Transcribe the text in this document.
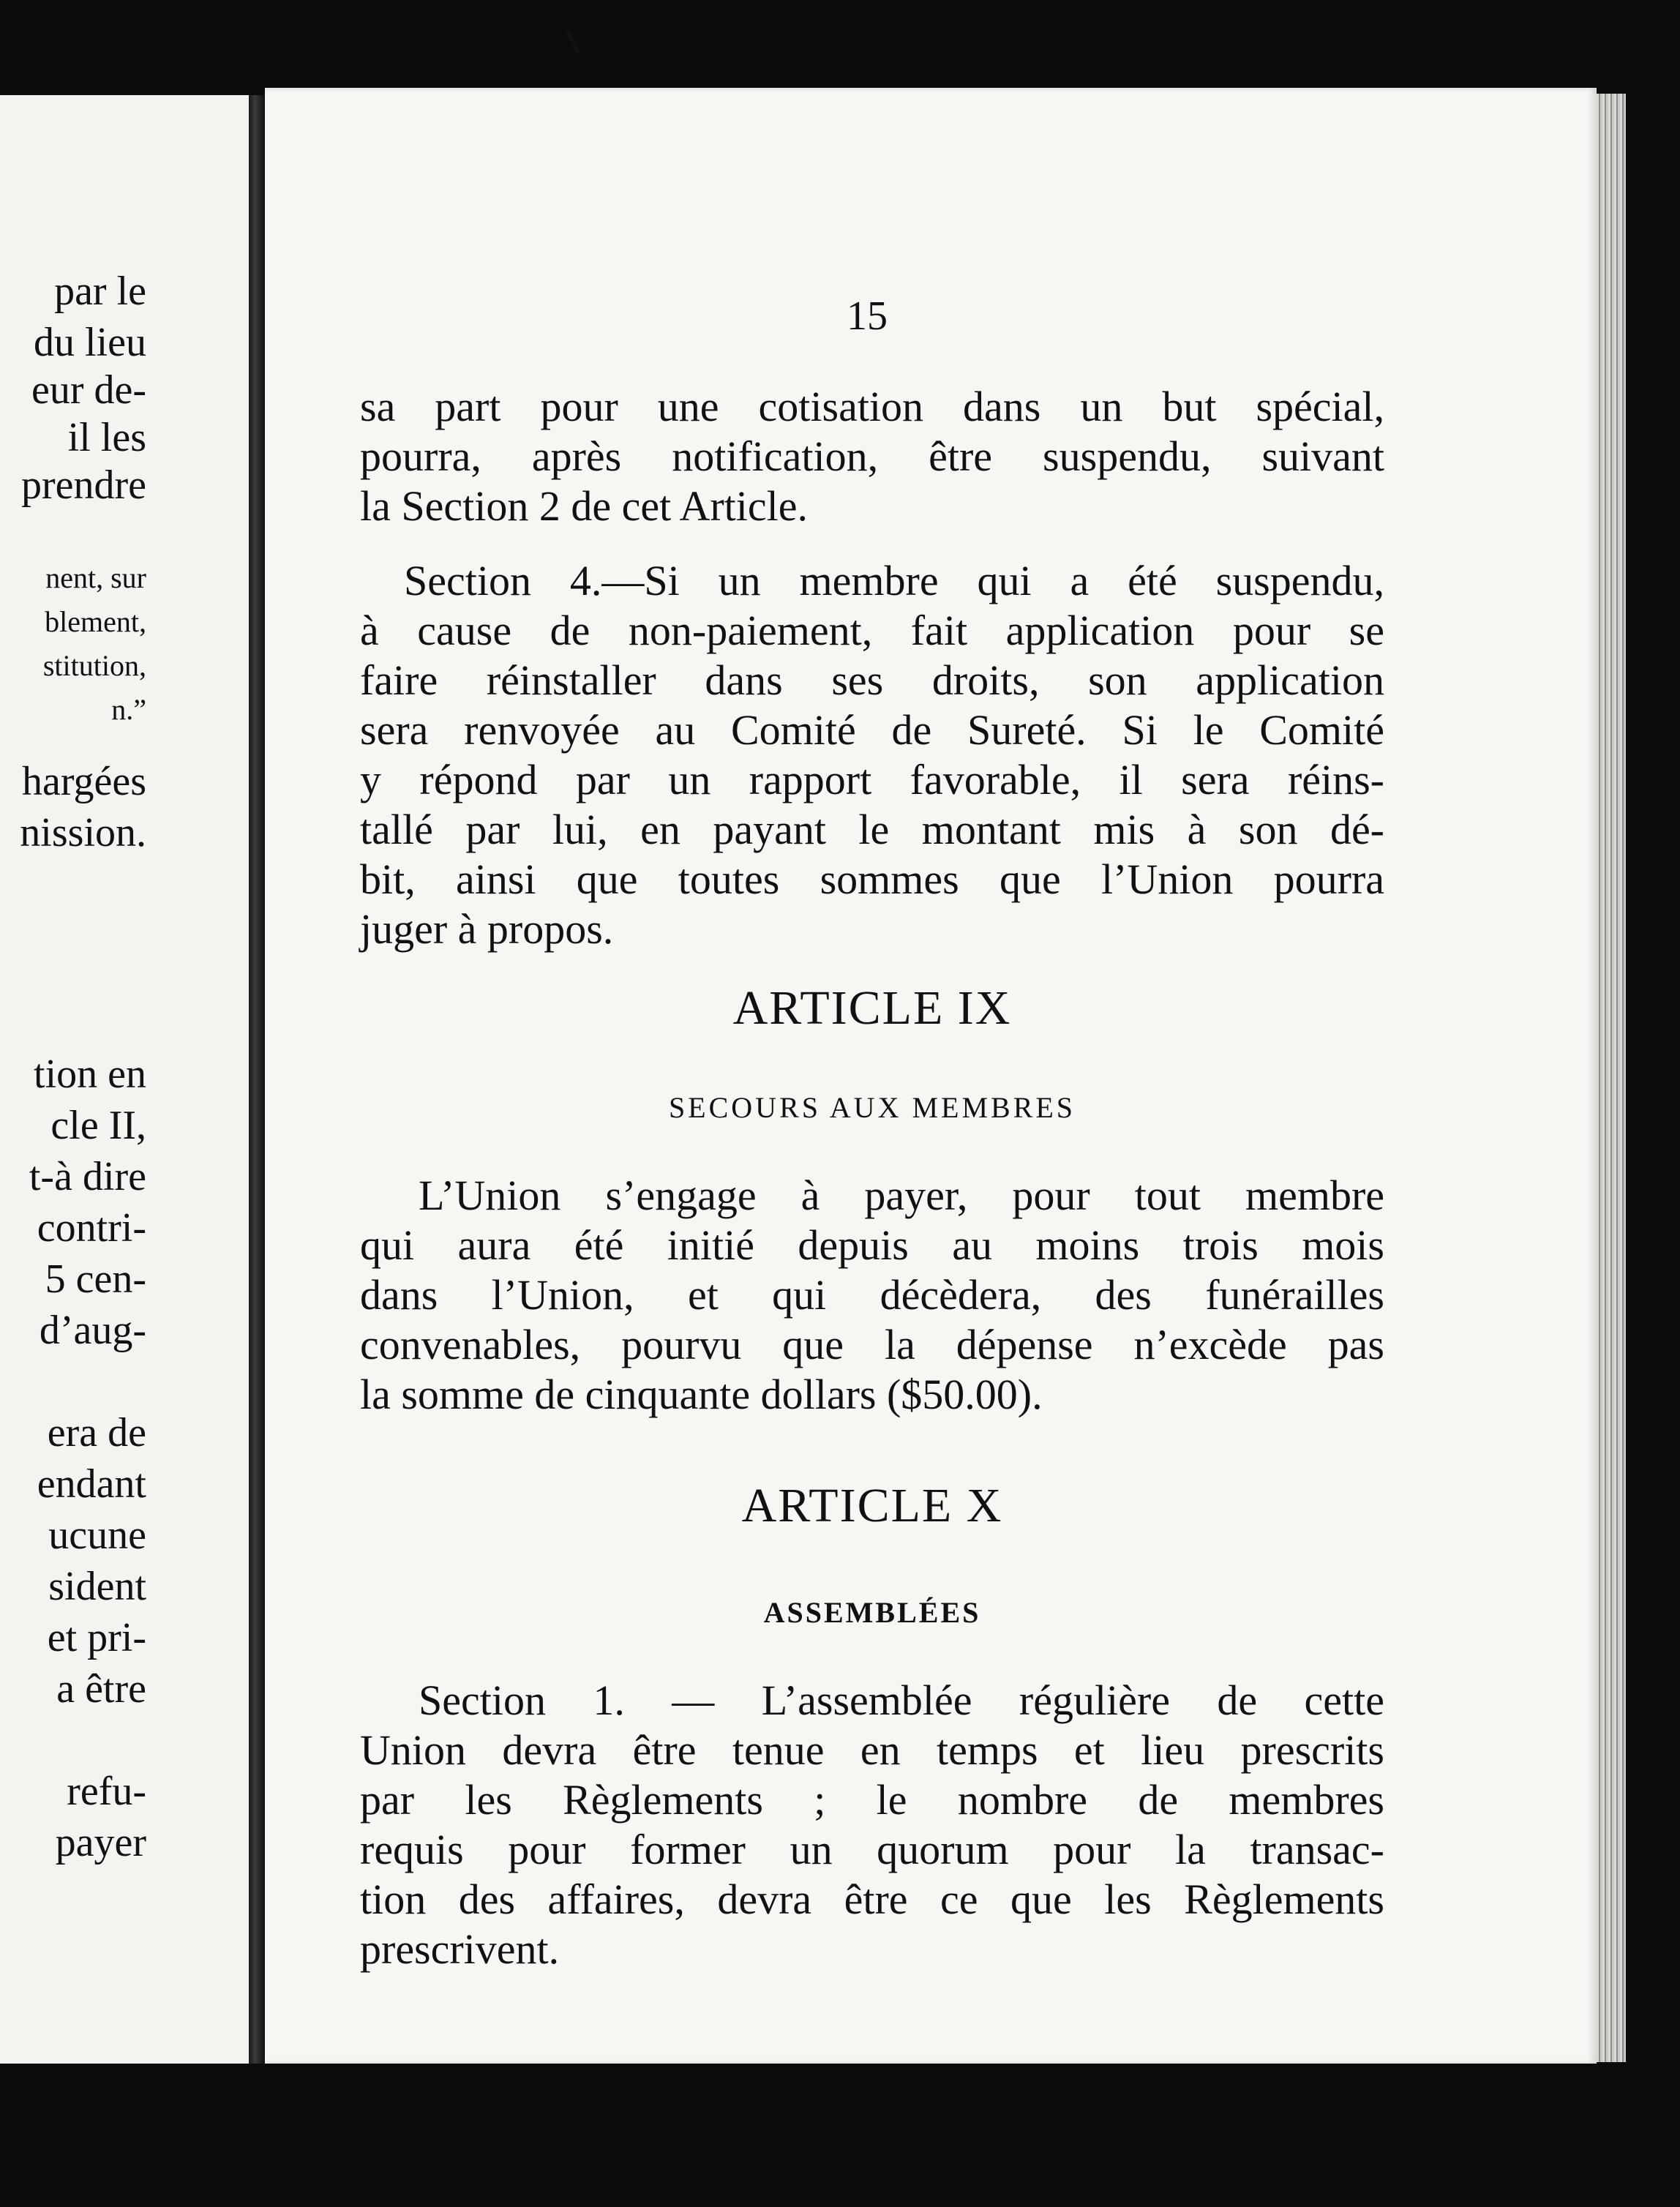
par le
du lieu
eur de-
il les
prendre
nent, sur
blement,
stitution,
n.”
hargées
nission.
tion en
cle II,
t-à dire
contri-
5 cen-
d’aug-
era de
endant
ucune
sident
et pri-
a être
refu-
payer
15
sa part pour une cotisation dans un but spécial,
pourra, après notification, être suspendu, suivant
la Section 2 de cet Article.
Section 4.—Si un membre qui a été suspendu,
à cause de non-paiement, fait application pour se
faire réinstaller dans ses droits, son application
sera renvoyée au Comité de Sureté. Si le Comité
y répond par un rapport favorable, il sera réins-
tallé par lui, en payant le montant mis à son dé-
bit, ainsi que toutes sommes que l’Union pourra
juger à propos.
ARTICLE IX
SECOURS AUX MEMBRES
L’Union s’engage à payer, pour tout membre
qui aura été initié depuis au moins trois mois
dans l’Union, et qui décèdera, des funérailles
convenables, pourvu que la dépense n’excède pas
la somme de cinquante dollars ($50.00).
ARTICLE X
ASSEMBLÉES
Section 1. — L’assemblée régulière de cette
Union devra être tenue en temps et lieu prescrits
par les Règlements ; le nombre de membres
requis pour former un quorum pour la transac-
tion des affaires, devra être ce que les Règlements
prescrivent.
